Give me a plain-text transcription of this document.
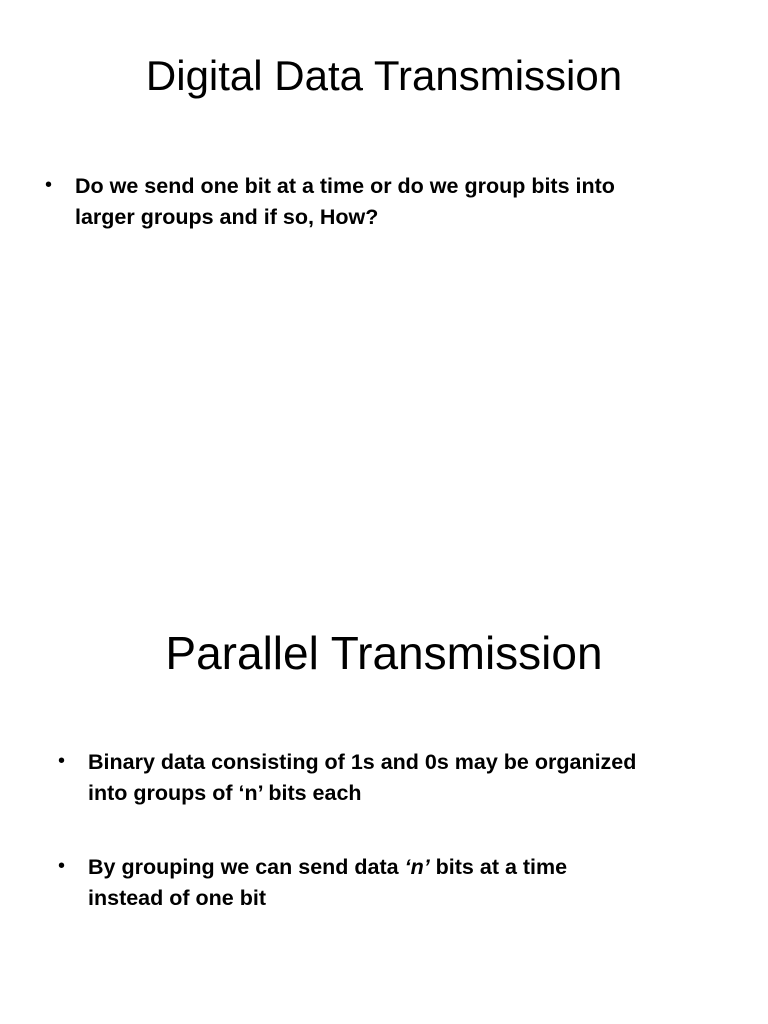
Digital Data Transmission
• Do we send one bit at a time or do we group bits into
larger groups and if so, How?
Parallel Transmission
• Binary data consisting of 1s and 0s may be organized
into groups of ‘n’ bits each
• By grouping we can send data ‘n’ bits at a time
instead of one bit
